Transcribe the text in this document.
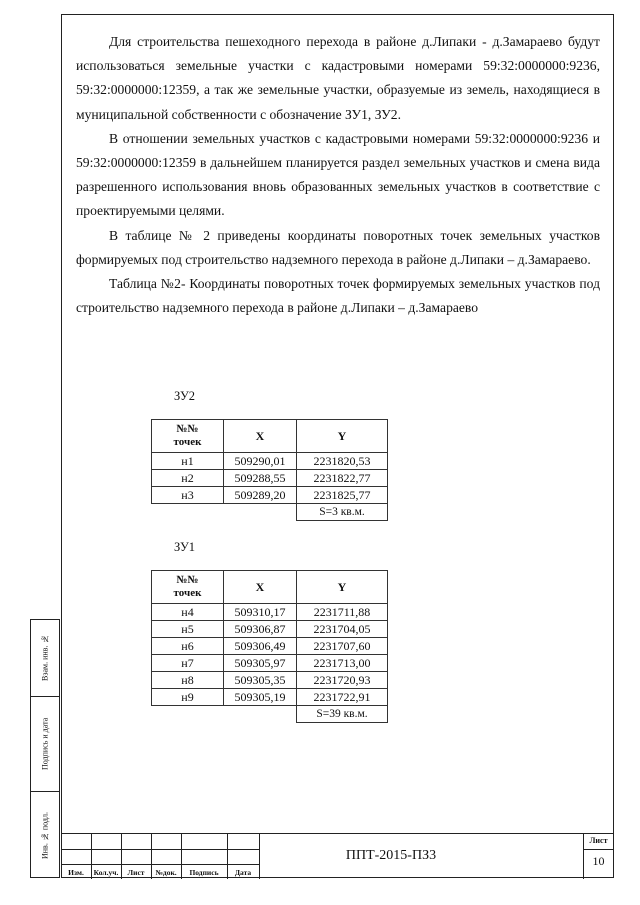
Для строительства пешеходного перехода в районе д.Липаки - д.Замараево будут использоваться земельные участки с кадастровыми номерами 59:32:0000000:9236, 59:32:0000000:12359, а так же земельные участки, образуемые из земель, находящиеся в муниципальной собственности с обозначение ЗУ1, ЗУ2.

В отношении земельных участков с кадастровыми номерами 59:32:0000000:9236 и 59:32:0000000:12359 в дальнейшем планируется раздел земельных участков и смена вида разрешенного использования вновь образованных земельных участков в соответствие с проектируемыми целями.

В таблице № 2 приведены координаты поворотных точек земельных участков формируемых под строительство надземного перехода в районе д.Липаки – д.Замараево.

Таблица №2- Координаты поворотных точек формируемых земельных участков под строительство надземного перехода в районе д.Липаки – д.Замараево

ЗУ2
№№
точек	X	Y
н1	509290,01	2231820,53
н2	509288,55	2231822,77
н3	509289,20	2231825,77
		S=3 кв.м.
ЗУ1
№№
точек	X	Y
н4	509310,17	2231711,88
н5	509306,87	2231704,05
н6	509306,49	2231707,60
н7	509305,97	2231713,00
н8	509305,35	2231720,93
н9	509305,19	2231722,91
		S=39 кв.м.
Взам. инв. №
Подпись и дата
Инв. № подл.
Изм.	Кол.уч.	Лист	№док.	Подпись	Дата
ППТ-2015-ПЗ3
Лист
10
